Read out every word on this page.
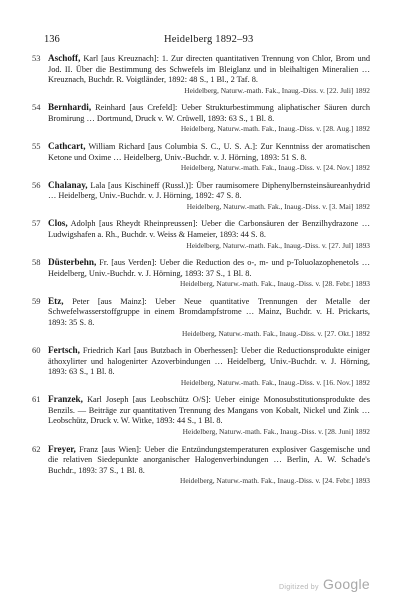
136	Heidelberg 1892–93
53 Aschoff, Karl [aus Kreuznach]: 1. Zur directen quantitativen Trennung von Chlor, Brom und Jod. II. Über die Bestimmung des Schwefels im Bleiglanz und in bleihaltigen Mineralien … Kreuznach, Buchdr. R. Voigtländer, 1892: 48 S., 1 Bl., 2 Taf. 8.
Heidelberg, Naturw.-math. Fak., Inaug.-Diss. v. [22. Juli] 1892
54 Bernhardi, Reinhard [aus Crefeld]: Ueber Strukturbestimmung aliphatischer Säuren durch Bromirung … Dortmund, Druck v. W. Crüwell, 1893: 63 S., 1 Bl. 8.
Heidelberg, Naturw.-math. Fak., Inaug.-Diss. v. [28. Aug.] 1892
55 Cathcart, William Richard [aus Columbia S. C., U. S. A.]: Zur Kenntniss der aromatischen Ketone und Oxime … Heidelberg, Univ.-Buchdr. v. J. Hörning, 1893: 51 S. 8.
Heidelberg, Naturw.-math. Fak., Inaug.-Diss. v. [24. Nov.] 1892
56 Chalanay, Lala [aus Kischineff (Russl.)]: Über raumisomere Diphenylbernsteinsäureanhydrid … Heidelberg, Univ.-Buchdr. v. J. Hörning, 1892: 47 S. 8.
Heidelberg, Naturw.-math. Fak., Inaug.-Diss. v. [3. Mai] 1892
57 Clos, Adolph [aus Rheydt Rheinpreussen]: Ueber die Carbonsäuren der Benzilhydrazone … Ludwigshafen a. Rh., Buchdr. v. Weiss & Hameier, 1893: 44 S. 8.
Heidelberg, Naturw.-math. Fak., Inaug.-Diss. v. [27. Jul] 1893
58 Düsterbehn, Fr. [aus Verden]: Ueber die Reduction des o-, m- und p-Toluolazophenetols … Heidelberg, Univ.-Buchdr. v. J. Hörning, 1893: 37 S., 1 Bl. 8.
Heidelberg, Naturw.-math. Fak., Inaug.-Diss. v. [28. Febr.] 1893
59 Etz, Peter [aus Mainz]: Ueber Neue quantitative Trennungen der Metalle der Schwefelwasserstoffgruppe in einem Bromdampfstrome … Mainz, Buchdr. v. H. Prickarts, 1893: 35 S. 8.
Heidelberg, Naturw.-math. Fak., Inaug.-Diss. v. [27. Okt.] 1892
60 Fertsch, Friedrich Karl [aus Butzbach in Oberhessen]: Ueber die Reductionsprodukte einiger äthoxylirter und halogenirter Azoverbindungen … Heidelberg, Univ.-Buchdr. v. J. Hörning, 1893: 63 S., 1 Bl. 8.
Heidelberg, Naturw.-math. Fak., Inaug.-Diss. v. [16. Nov.] 1892
61 Franzek, Karl Joseph [aus Leobschütz O/S]: Ueber einige Monosubstitutionsprodukte des Benzils. — Beiträge zur quantitativen Trennung des Mangans von Kobalt, Nickel und Zink … Leobschütz, Druck v. W. Witke, 1893: 44 S., 1 Bl. 8.
Heidelberg, Naturw.-math. Fak., Inaug.-Diss. v. [28. Juni] 1892
62 Freyer, Franz [aus Wien]: Ueber die Entzündungstemperaturen explosiver Gasgemische und die relativen Siedepunkte anorganischer Halogenverbindungen … Berlin, A. W. Schade's Buchdr., 1893: 37 S., 1 Bl. 8.
Heidelberg, Naturw.-math. Fak., Inaug.-Diss. v. [24. Febr.] 1893
Digitized by Google
